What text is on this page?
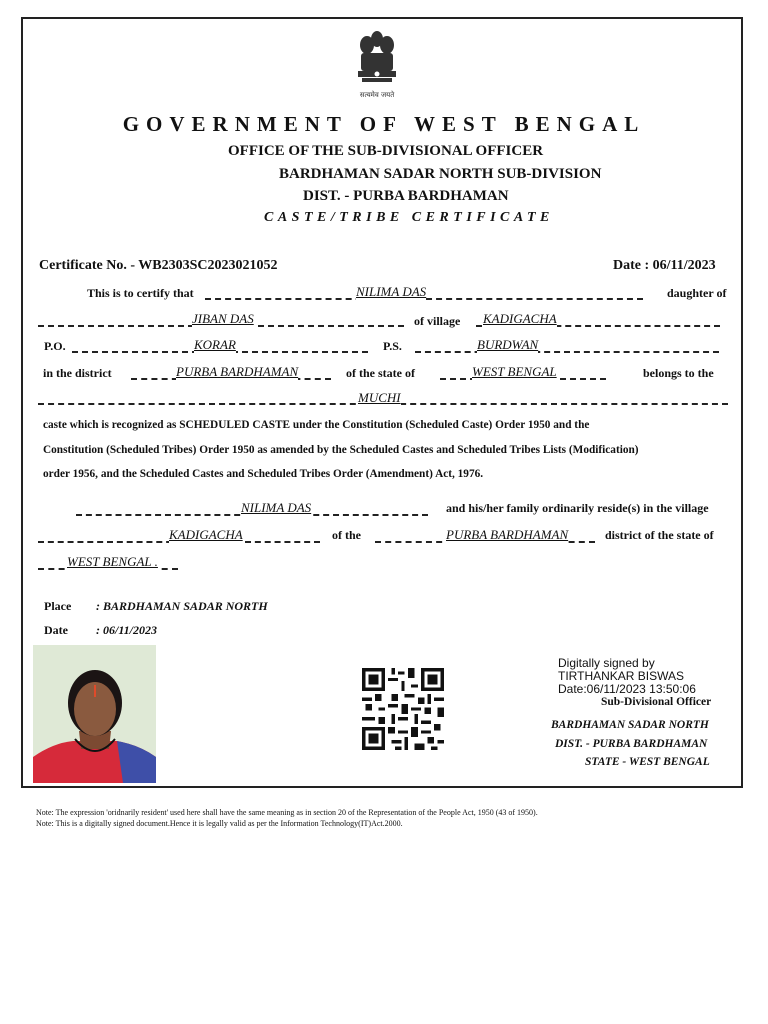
सत्यमेव जयते
GOVERNMENT OF WEST BENGAL
OFFICE OF THE SUB-DIVISIONAL OFFICER
BARDHAMAN SADAR NORTH SUB-DIVISION
DIST. - PURBA BARDHAMAN
CASTE/TRIBE CERTIFICATE
Certificate No. - WB2303SC2023021052	Date : 06/11/2023
This is to certify that	NILIMA DAS	daughter of
JIBAN DAS	of village KADIGACHA
P.O.	KORAR	P.S.	BURDWAN
in the district	PURBA BARDHAMAN	of the state of	WEST BENGAL	belongs to the
MUCHI
caste which is recognized as SCHEDULED CASTE under the Constitution (Scheduled Caste) Order 1950 and the
Constitution (Scheduled Tribes) Order 1950 as amended by the Scheduled Castes and Scheduled Tribes Lists (Modification)
order 1956, and the Scheduled Castes and Scheduled Tribes Order (Amendment) Act, 1976.
NILIMA DAS	and his/her family ordinarily reside(s) in the village
KADIGACHA	of the	PURBA BARDHAMAN	district of the state of
WEST BENGAL .
Place : BARDHAMAN SADAR NORTH
Date : 06/11/2023
Digitally signed by
TIRTHANKAR BISWAS
Date:06/11/2023 13:50:06
Sub-Divisional Officer
BARDHAMAN SADAR NORTH
DIST. - PURBA BARDHAMAN
STATE - WEST BENGAL
Note: The expression 'oridnarily resident' used here shall have the same meaning as in section 20 of the Representation of the People Act, 1950 (43 of 1950).
Note: This is a digitally signed document.Hence it is legally valid as per the Information Technology(IT)Act.2000.
